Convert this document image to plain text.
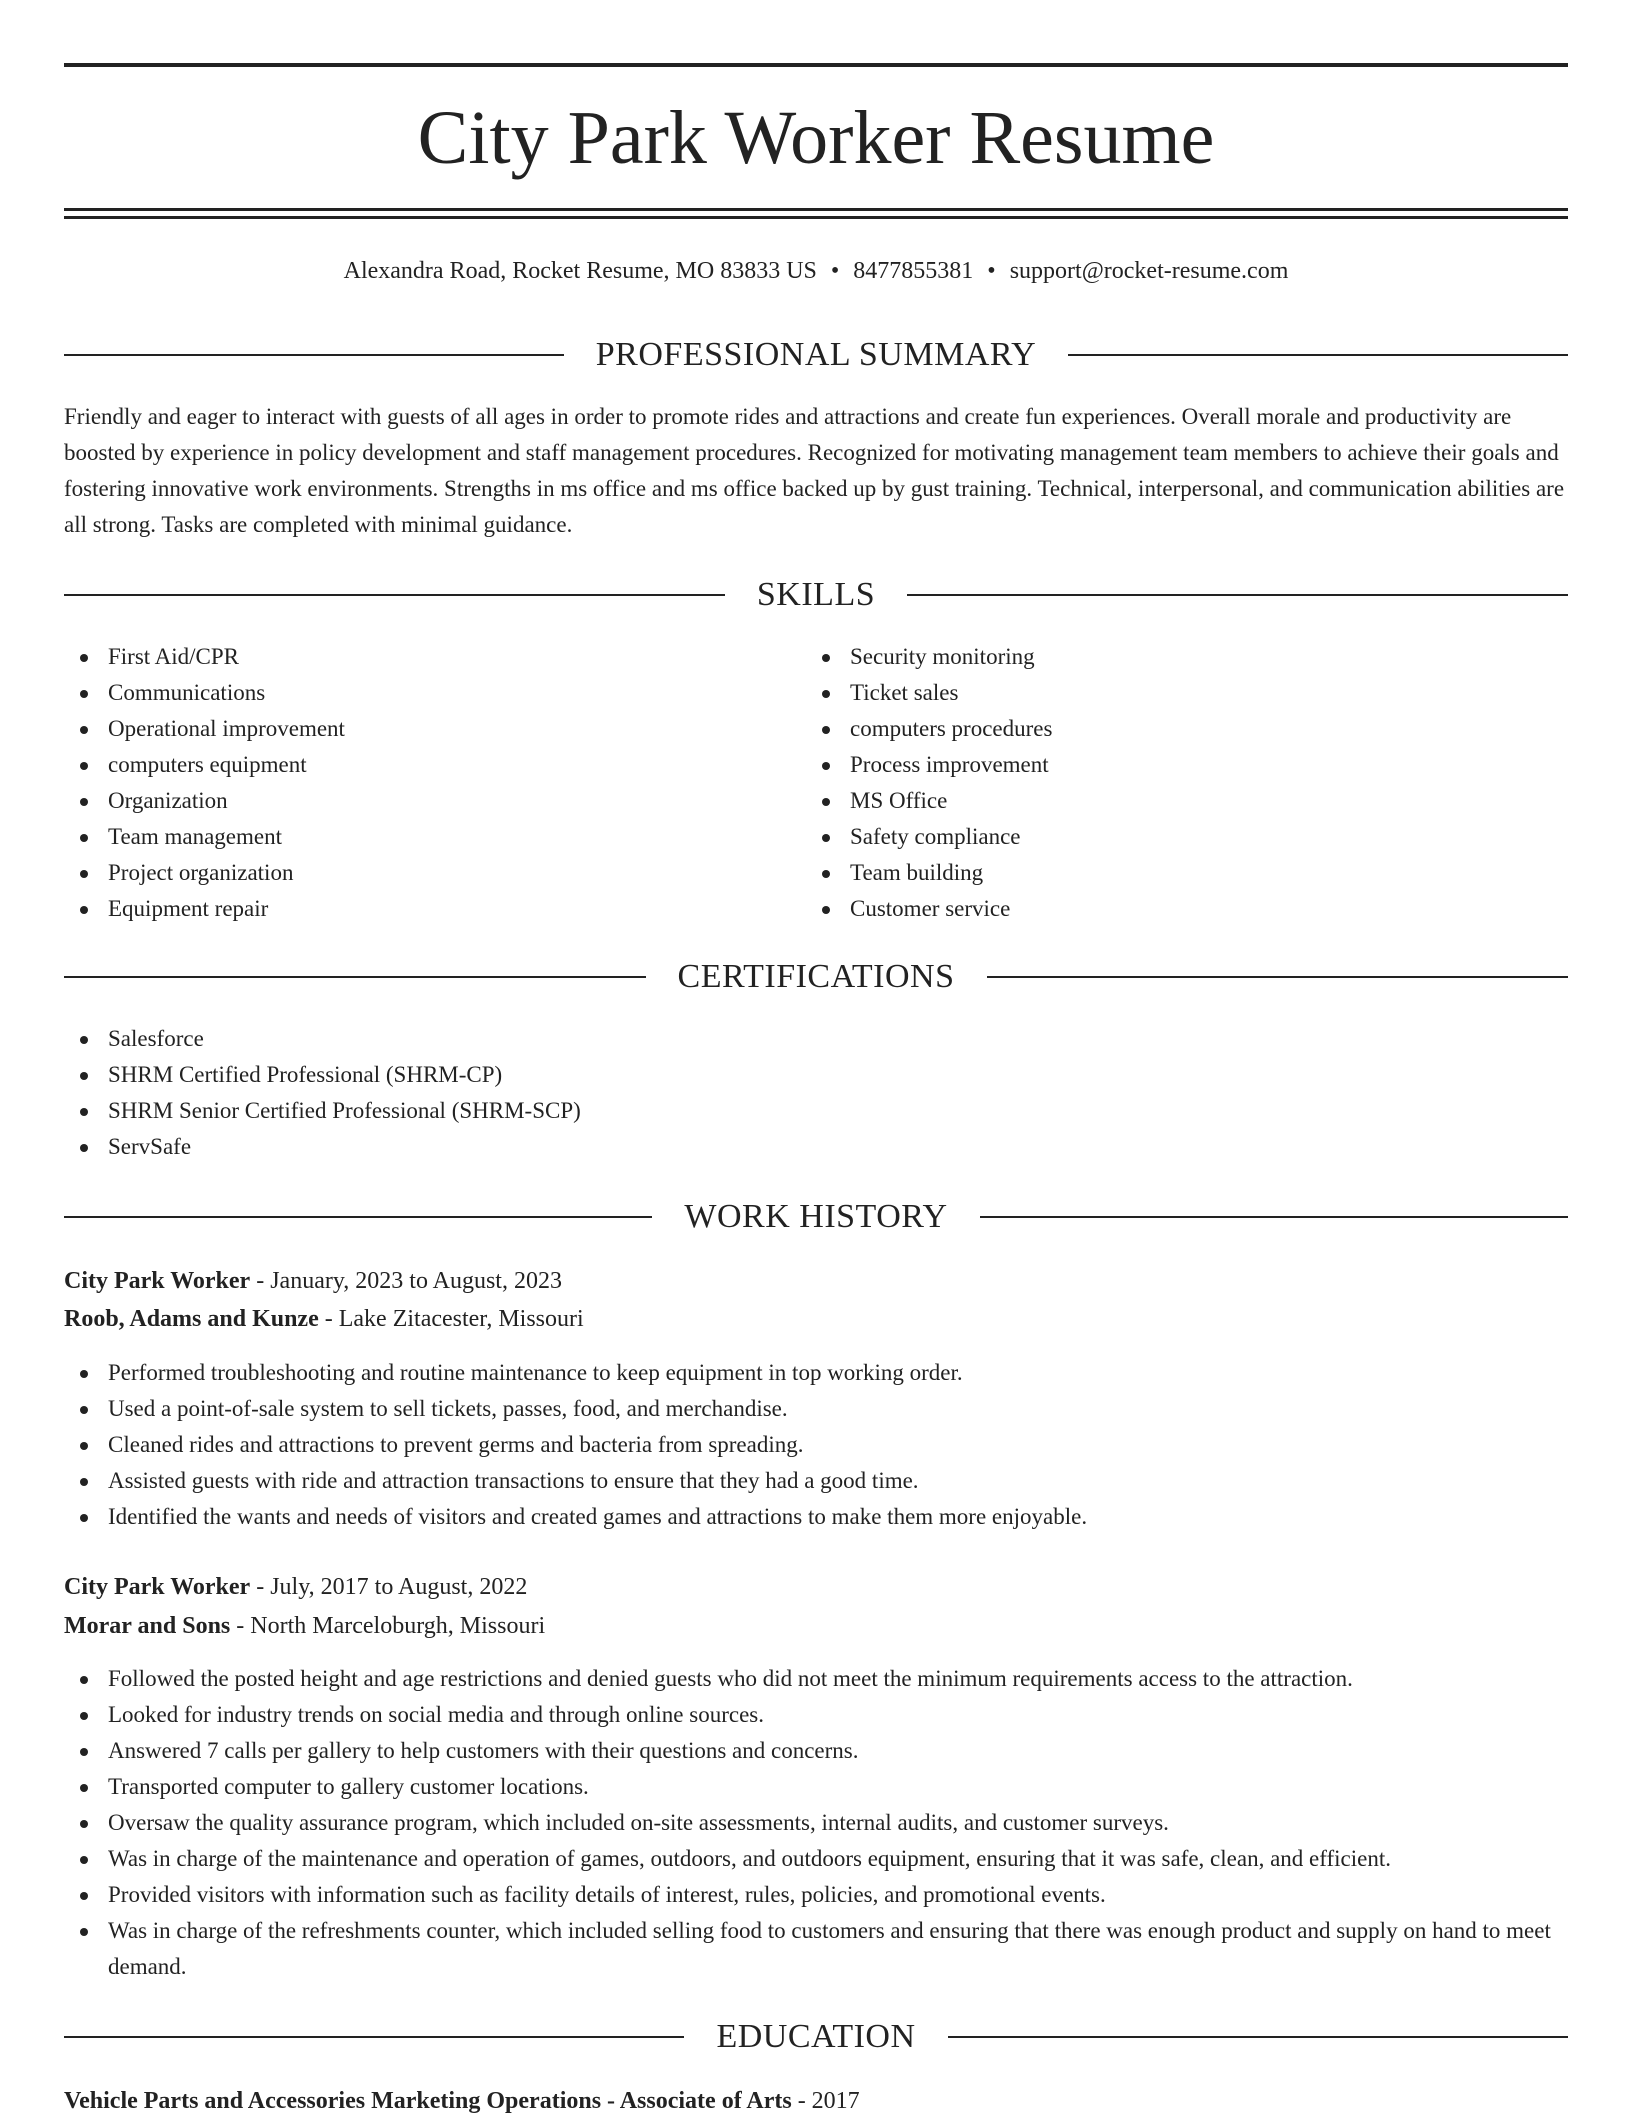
City Park Worker Resume
Alexandra Road, Rocket Resume, MO 83833 US • 8477855381 • support@rocket-resume.com
PROFESSIONAL SUMMARY

Friendly and eager to interact with guests of all ages in order to promote rides and attractions and create fun experiences. Overall morale and productivity are boosted by experience in policy development and staff management procedures. Recognized for motivating management team members to achieve their goals and fostering innovative work environments. Strengths in ms office and ms office backed up by gust training. Technical, interpersonal, and communication abilities are all strong. Tasks are completed with minimal guidance.

SKILLS
First Aid/CPR
Communications
Operational improvement
computers equipment
Organization
Team management
Project organization
Equipment repair
Security monitoring
Ticket sales
computers procedures
Process improvement
MS Office
Safety compliance
Team building
Customer service
CERTIFICATIONS
Salesforce
SHRM Certified Professional (SHRM-CP)
SHRM Senior Certified Professional (SHRM-SCP)
ServSafe
WORK HISTORY
City Park Worker - January, 2023 to August, 2023
Roob, Adams and Kunze - Lake Zitacester, Missouri
Performed troubleshooting and routine maintenance to keep equipment in top working order.
Used a point-of-sale system to sell tickets, passes, food, and merchandise.
Cleaned rides and attractions to prevent germs and bacteria from spreading.
Assisted guests with ride and attraction transactions to ensure that they had a good time.
Identified the wants and needs of visitors and created games and attractions to make them more enjoyable.
City Park Worker - July, 2017 to August, 2022
Morar and Sons - North Marceloburgh, Missouri
Followed the posted height and age restrictions and denied guests who did not meet the minimum requirements access to the attraction.
Looked for industry trends on social media and through online sources.
Answered 7 calls per gallery to help customers with their questions and concerns.
Transported computer to gallery customer locations.
Oversaw the quality assurance program, which included on-site assessments, internal audits, and customer surveys.
Was in charge of the maintenance and operation of games, outdoors, and outdoors equipment, ensuring that it was safe, clean, and efficient.
Provided visitors with information such as facility details of interest, rules, policies, and promotional events.
Was in charge of the refreshments counter, which included selling food to customers and ensuring that there was enough product and supply on hand to meet demand.
EDUCATION
Vehicle Parts and Accessories Marketing Operations - Associate of Arts - 2017
